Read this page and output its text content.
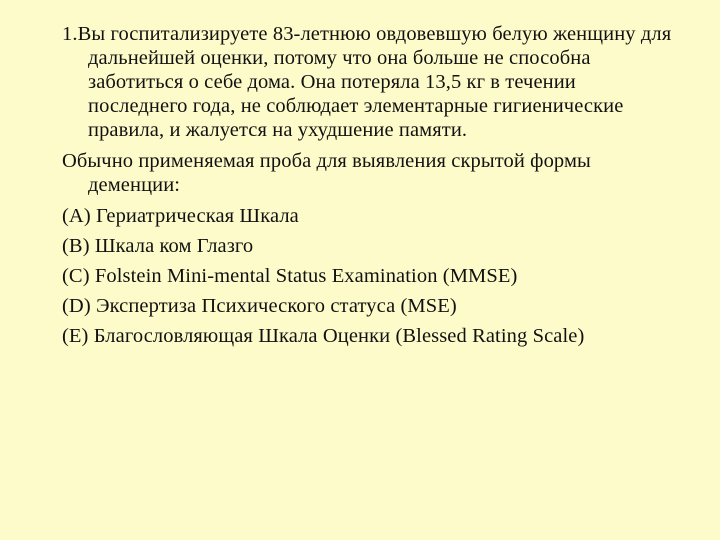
1.Вы госпитализируете 83-летнюю овдовевшую белую женщину для дальнейшей оценки, потому что она больше не способна заботиться о себе дома. Она потеряла 13,5 кг в течении последнего года, не соблюдает элементарные гигиенические правила, и жалуется на ухудшение памяти.

Обычно применяемая проба для выявления скрытой формы деменции:

(A) Гериатрическая Шкала

(B) Шкала ком Глазго

(C) Folstein Mini-mental Status Examination (MMSE)

(D) Экспертиза Психического статуса (MSE)

(E) Благословляющая Шкала Оценки (Blessed Rating Scale)
